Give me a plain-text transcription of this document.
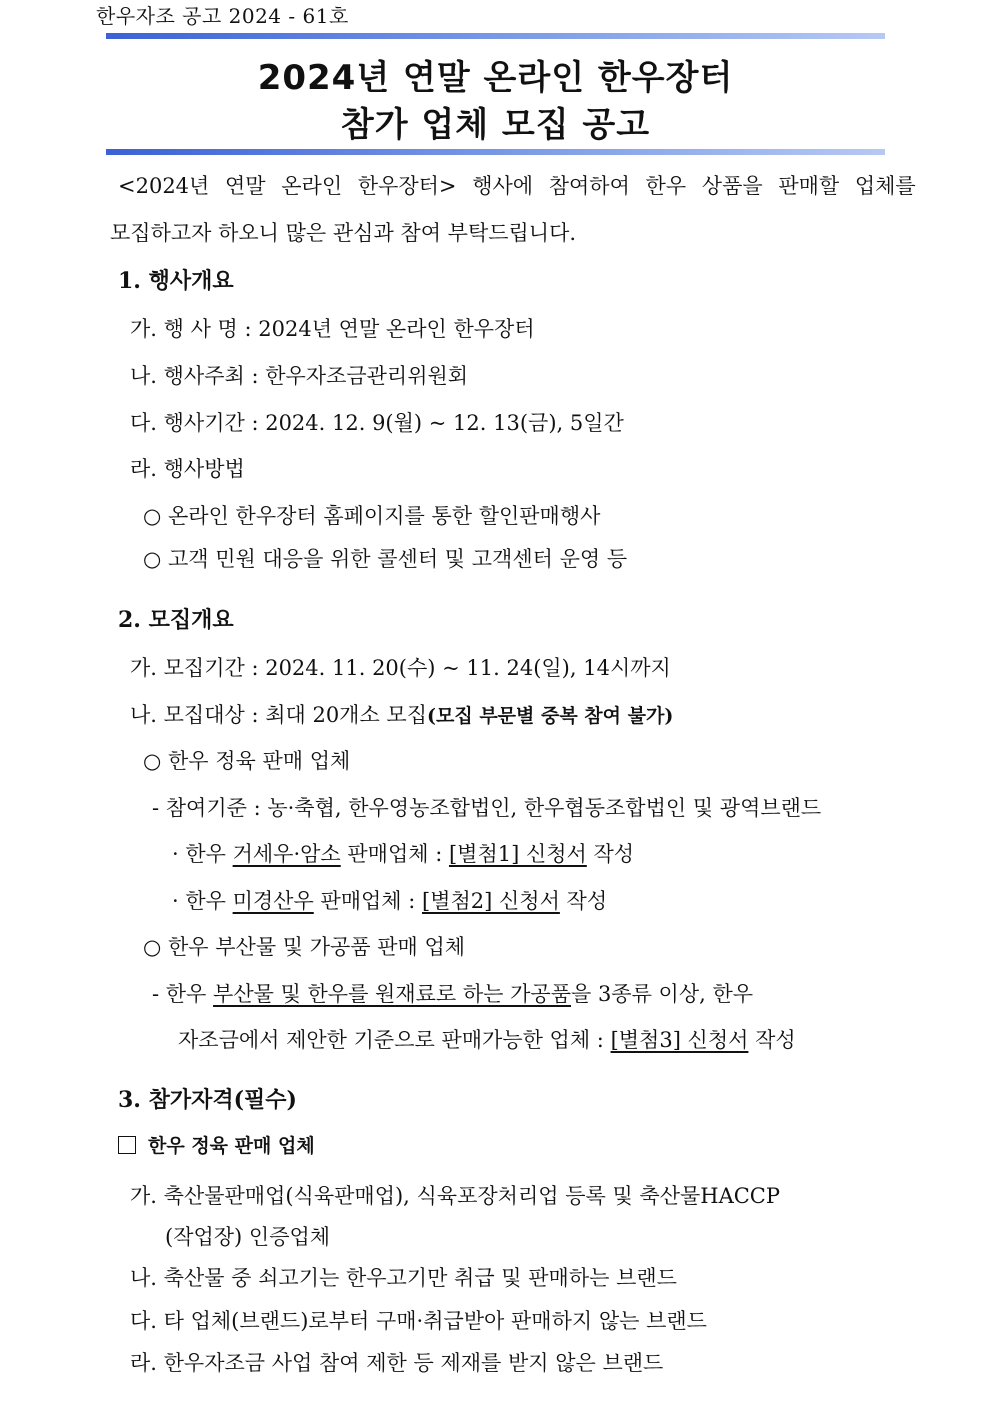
한우자조 공고 2024 - 61호
2024년 연말 온라인 한우장터
참가 업체 모집 공고
<2024년 연말 온라인 한우장터> 행사에 참여하여 한우 상품을 판매할 업체를
모집하고자 하오니 많은 관심과 참여 부탁드립니다.
1. 행사개요
가. 행 사 명 : 2024년 연말 온라인 한우장터
나. 행사주최 : 한우자조금관리위원회
다. 행사기간 : 2024. 12. 9(월) ~ 12. 13(금), 5일간
라. 행사방법
○ 온라인 한우장터 홈페이지를 통한 할인판매행사
○ 고객 민원 대응을 위한 콜센터 및 고객센터 운영 등
2. 모집개요
가. 모집기간 : 2024. 11. 20(수) ~ 11. 24(일), 14시까지
나. 모집대상 : 최대 20개소 모집(모집 부문별 중복 참여 불가)
○ 한우 정육 판매 업체
- 참여기준 : 농·축협, 한우영농조합법인, 한우협동조합법인 및 광역브랜드
· 한우 거세우·암소 판매업체 : [별첨1] 신청서 작성
· 한우 미경산우 판매업체 : [별첨2] 신청서 작성
○ 한우 부산물 및 가공품 판매 업체
- 한우 부산물 및 한우를 원재료로 하는 가공품을 3종류 이상, 한우
자조금에서 제안한 기준으로 판매가능한 업체 : [별첨3] 신청서 작성
3. 참가자격(필수)
한우 정육 판매 업체
가. 축산물판매업(식육판매업), 식육포장처리업 등록 및 축산물HACCP
(작업장) 인증업체
나. 축산물 중 쇠고기는 한우고기만 취급 및 판매하는 브랜드
다. 타 업체(브랜드)로부터 구매·취급받아 판매하지 않는 브랜드
라. 한우자조금 사업 참여 제한 등 제재를 받지 않은 브랜드
